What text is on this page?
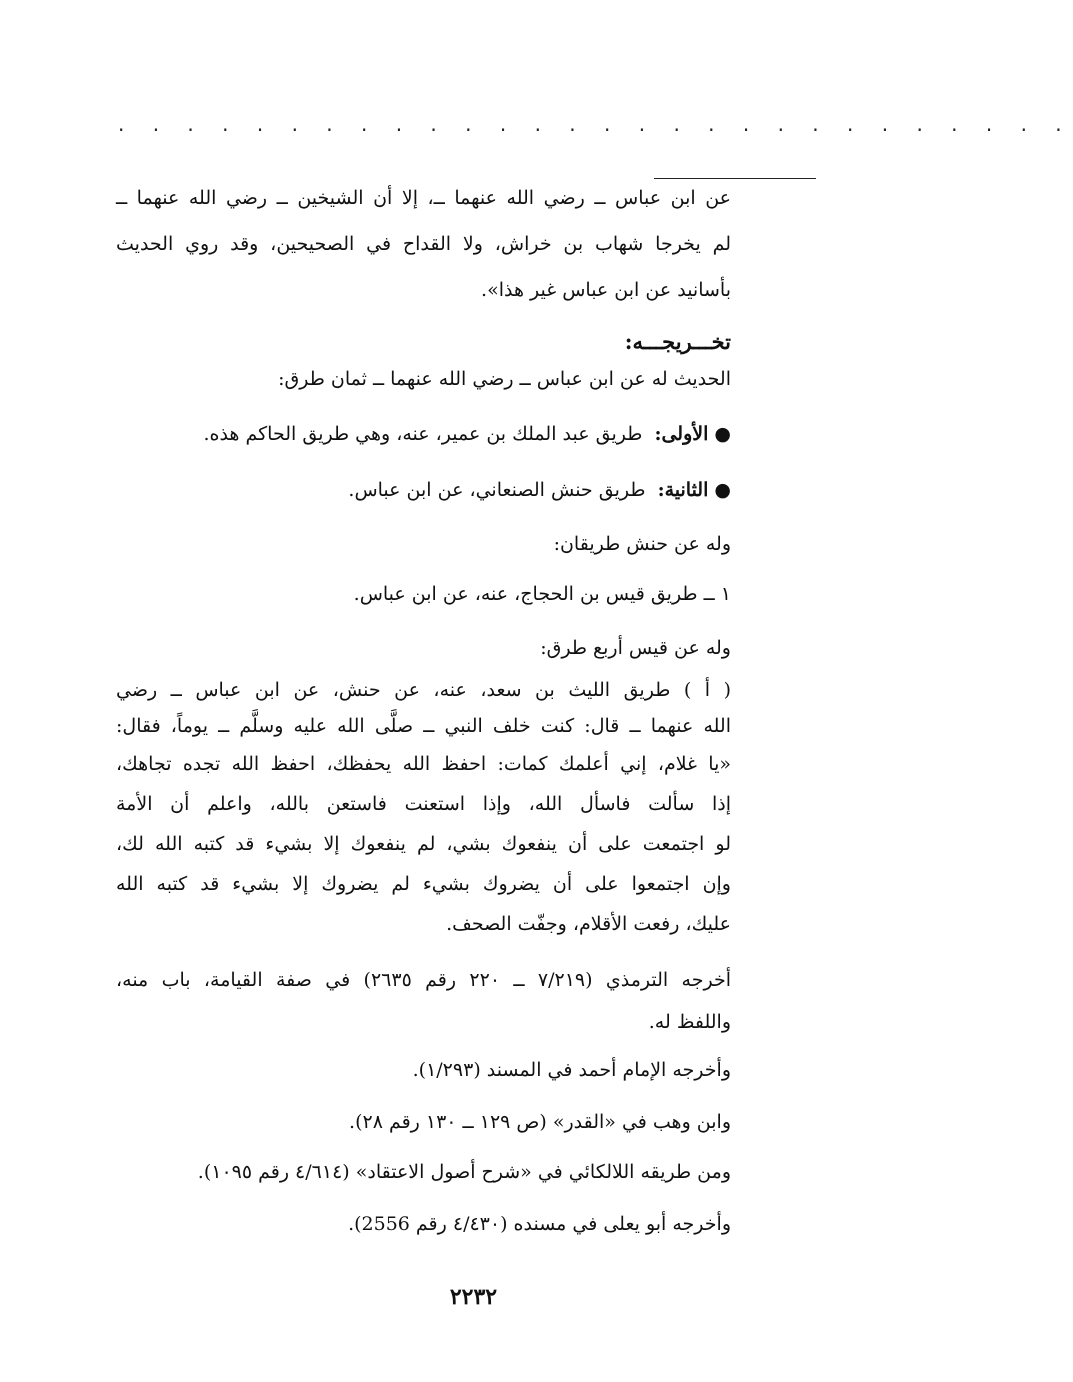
· · · · · · · · · · · · · · · · · · · · · · · · · · · ·
عن ابن عباس ــ رضي الله عنهما ــ، إلا أن الشيخين ــ رضي الله عنهما ــ
لم يخرجا شهاب بن خراش، ولا القداح في الصحيحين، وقد روي الحديث
بأسانيد عن ابن عباس غير هذا».
تخـــريجـــه:
الحديث له عن ابن عباس ــ رضي الله عنهما ــ ثمان طرق:
● الأولى:  طريق عبد الملك بن عمير، عنه، وهي طريق الحاكم هذه.
● الثانية:  طريق حنش الصنعاني، عن ابن عباس.
وله عن حنش طريقان:
١ ــ طريق قيس بن الحجاج، عنه، عن ابن عباس.
وله عن قيس أربع طرق:
( أ ) طريق الليث بن سعد، عنه، عن حنش، عن ابن عباس ــ رضي
الله عنهما ــ قال: كنت خلف النبي ــ صلَّى الله عليه وسلَّم ــ يوماً، فقال:
«يا غلام، إني أعلمك كمات: احفظ الله يحفظك، احفظ الله تجده تجاهك،
إذا سألت فاسأل الله، وإذا استعنت فاستعن بالله، واعلم أن الأمة
لو اجتمعت على أن ينفعوك بشي، لم ينفعوك إلا بشيء قد كتبه الله لك،
وإن اجتمعوا على أن يضروك بشيء لم يضروك إلا بشيء قد كتبه الله
عليك، رفعت الأقلام، وجفّت الصحف.
أخرجه الترمذي (٧/٢١٩ ــ ٢٢٠ رقم ٢٦٣٥) في صفة القيامة، باب منه،
واللفظ له.
وأخرجه الإمام أحمد في المسند (١/٢٩٣).
وابن وهب في «القدر» (ص ١٢٩ ــ ١٣٠ رقم ٢٨).
ومن طريقه اللالكائي في «شرح أصول الاعتقاد» (٤/٦١٤ رقم ١٠٩٥).
وأخرجه أبو يعلى في مسنده (٤/٤٣٠ رقم 2556).
٢٢٣٢
